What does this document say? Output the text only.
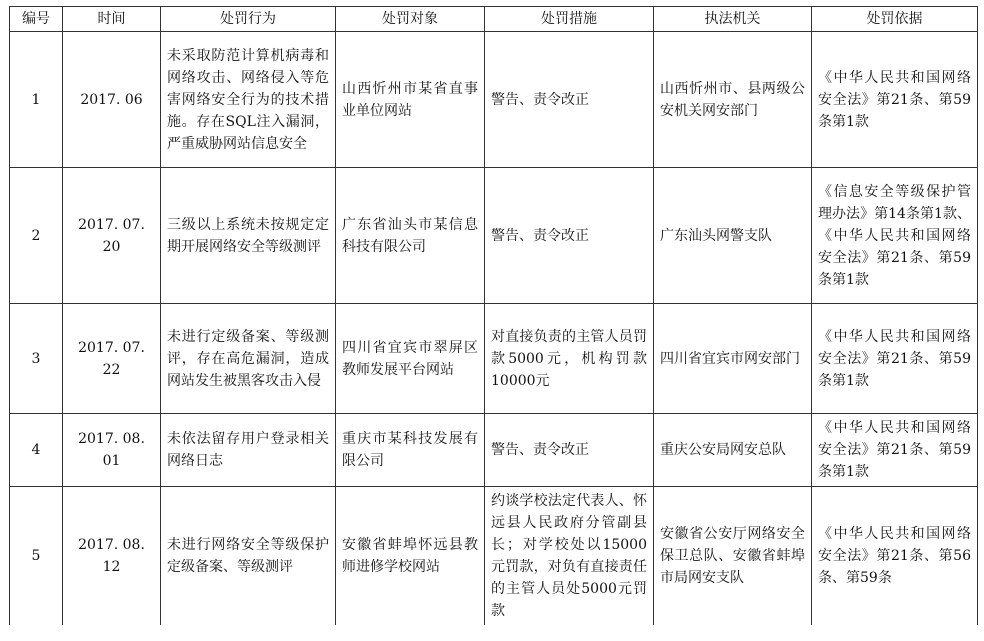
编号	时间	处罚行为	处罚对象	处罚措施	执法机关	处罚依据
1	2017. 06	未采取防范计算机病毒和网络攻击、网络侵入等危害网络安全行为的技术措施。存在SQL注入漏洞，严重威胁网站信息安全	山西忻州市某省直事业单位网站	警告、责令改正	山西忻州市、县两级公安机关网安部门	《中华人民共和国网络安全法》第21条、第59条第1款
2	2017. 07. 20	三级以上系统未按规定定期开展网络安全等级测评	广东省汕头市某信息科技有限公司	警告、责令改正	广东汕头网警支队	《信息安全等级保护管理办法》第14条第1款、《中华人民共和国网络安全法》第21条、第59条第1款
3	2017. 07. 22	未进行定级备案、等级测评，存在高危漏洞，造成网站发生被黑客攻击入侵	四川省宜宾市翠屏区教师发展平台网站	对直接负责的主管人员罚款5000元，机构罚款10000元	四川省宜宾市网安部门	《中华人民共和国网络安全法》第21条、第59条第1款
4	2017. 08. 01	未依法留存用户登录相关网络日志	重庆市某科技发展有限公司	警告、责令改正	重庆公安局网安总队	《中华人民共和国网络安全法》第21条、第59条第1款
5	2017. 08. 12	未进行网络安全等级保护定级备案、等级测评	安徽省蚌埠怀远县教师进修学校网站	约谈学校法定代表人、怀远县人民政府分管副县长；对学校处以15000元罚款，对负有直接责任的主管人员处5000元罚款	安徽省公安厅网络安全保卫总队、安徽省蚌埠市局网安支队	《中华人民共和国网络安全法》第21条、第56条、第59条
